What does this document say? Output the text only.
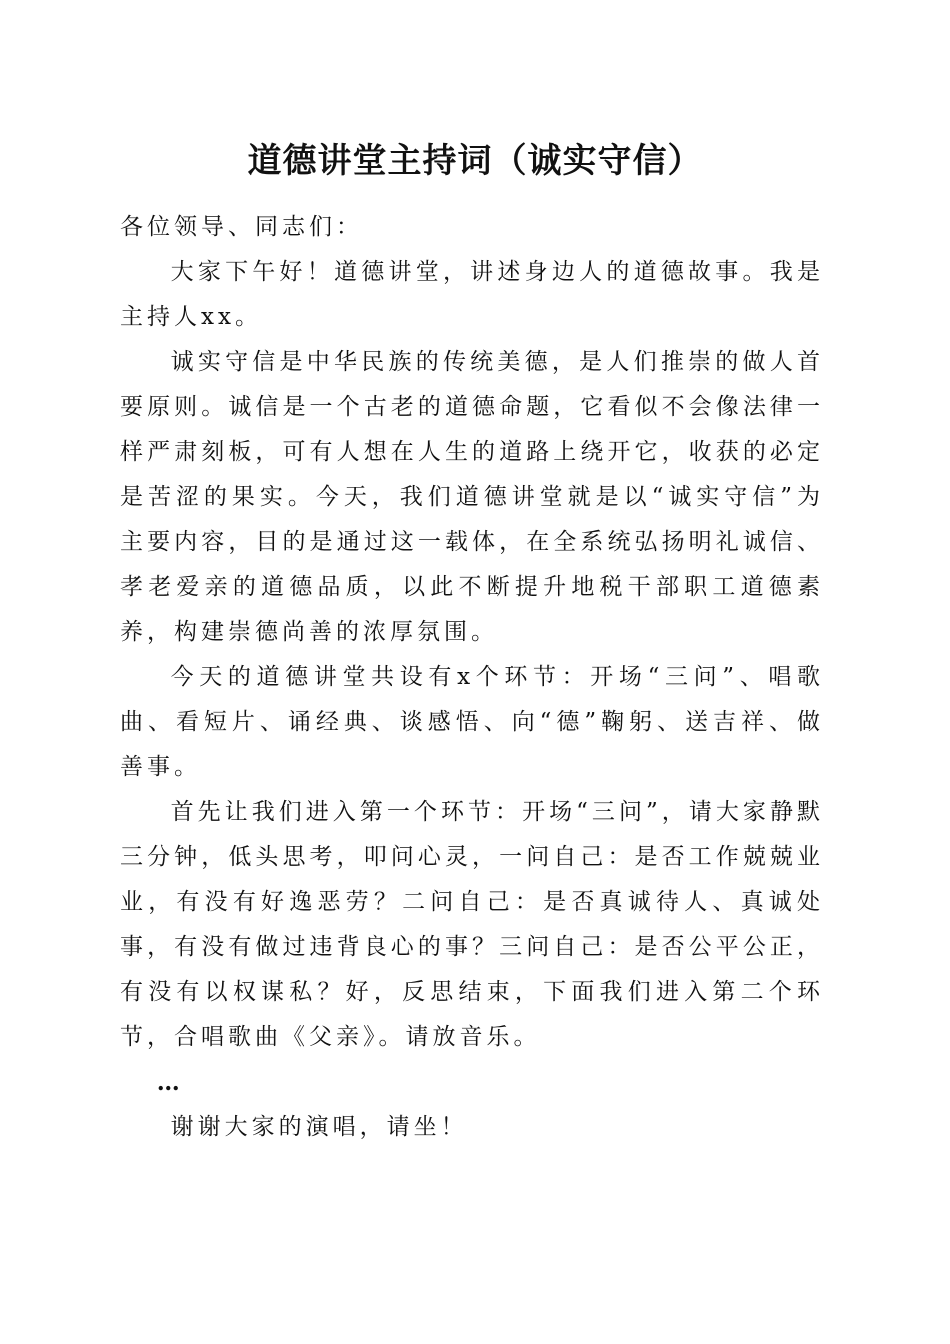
道德讲堂主持词（诚实守信）

各位领导、同志们：

大家下午好！道德讲堂，讲述身边人的道德故事。我是主持人xx。

诚实守信是中华民族的传统美德，是人们推崇的做人首要原则。诚信是一个古老的道德命题，它看似不会像法律一样严肃刻板，可有人想在人生的道路上绕开它，收获的必定是苦涩的果实。今天，我们道德讲堂就是以“诚实守信”为主要内容，目的是通过这一载体，在全系统弘扬明礼诚信、孝老爱亲的道德品质，以此不断提升地税干部职工道德素养，构建崇德尚善的浓厚氛围。

今天的道德讲堂共设有x个环节：开场“三问”、唱歌曲、看短片、诵经典、谈感悟、向“德”鞠躬、送吉祥、做善事。

首先让我们进入第一个环节：开场“三问”，请大家静默三分钟，低头思考，叩问心灵，一问自己：是否工作兢兢业业，有没有好逸恶劳？二问自己：是否真诚待人、真诚处事，有没有做过违背良心的事？三问自己：是否公平公正，有没有以权谋私？好，反思结束，下面我们进入第二个环节，合唱歌曲《父亲》。请放音乐。

…

谢谢大家的演唱，请坐！
